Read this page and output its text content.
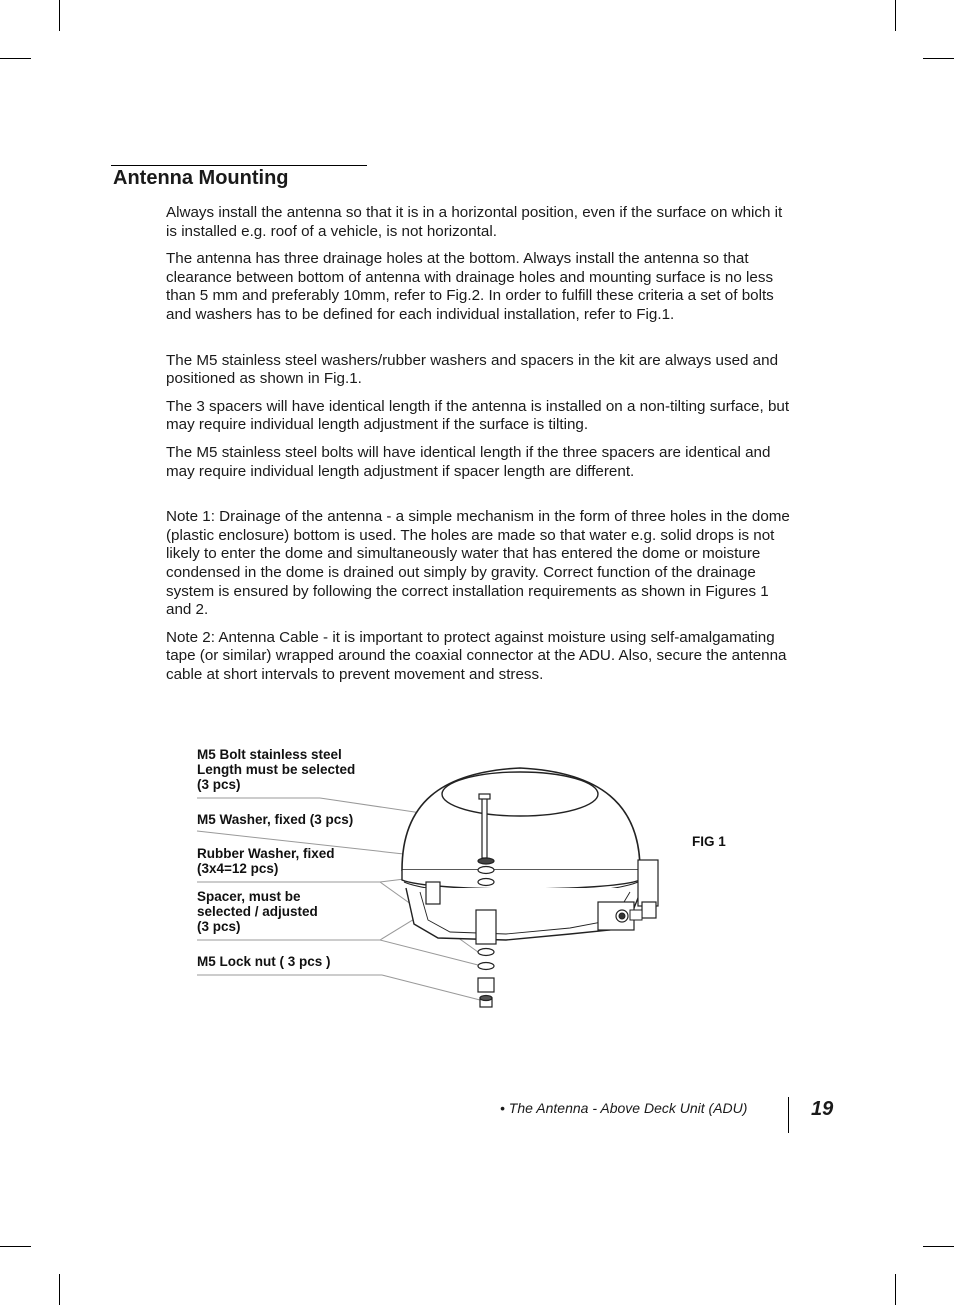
Antenna Mounting

Always install the antenna so that it is in a horizontal position, even if the surface on which it is installed e.g. roof of a vehicle, is not horizontal.

The antenna has three drainage holes at the bottom. Always install the antenna so that clearance between bottom of antenna with drainage holes and mounting surface is no less than 5 mm and preferably 10mm, refer to Fig.2. In order to fulfill these criteria a set of bolts and washers has to be defined for each individual installation, refer to Fig.1.

The M5 stainless steel washers/rubber washers and spacers in the kit are always used and positioned as shown in Fig.1.

The 3 spacers will have identical length if the antenna is installed on a non-tilting surface, but may require individual length adjustment if the surface is tilting.

The M5 stainless steel bolts will have identical length if the three spacers are identical and may require individual length adjustment if spacer length are different.

Note 1: Drainage of the antenna - a simple mechanism in the form of three holes in the dome (plastic enclosure) bottom is used. The holes are made so that water e.g. solid drops is not likely to enter the dome and simultaneously water that has entered the dome or moisture condensed in the dome is drained out simply by gravity. Correct function of the drainage system is ensured by following the correct installation requirements as shown in Figures 1 and 2.

Note 2: Antenna Cable - it is important to protect against moisture using self-amalgamating tape (or similar) wrapped around the coaxial connector at the ADU. Also, secure the antenna cable at short intervals to prevent movement and stress.

M5 Bolt stainless steel
Length must be selected
(3 pcs)
M5 Washer, fixed (3 pcs)
Rubber Washer, fixed
(3x4=12 pcs)
Spacer, must be
selected / adjusted
(3 pcs)
M5 Lock nut ( 3 pcs )
FIG 1
• The Antenna - Above Deck Unit (ADU)	19
